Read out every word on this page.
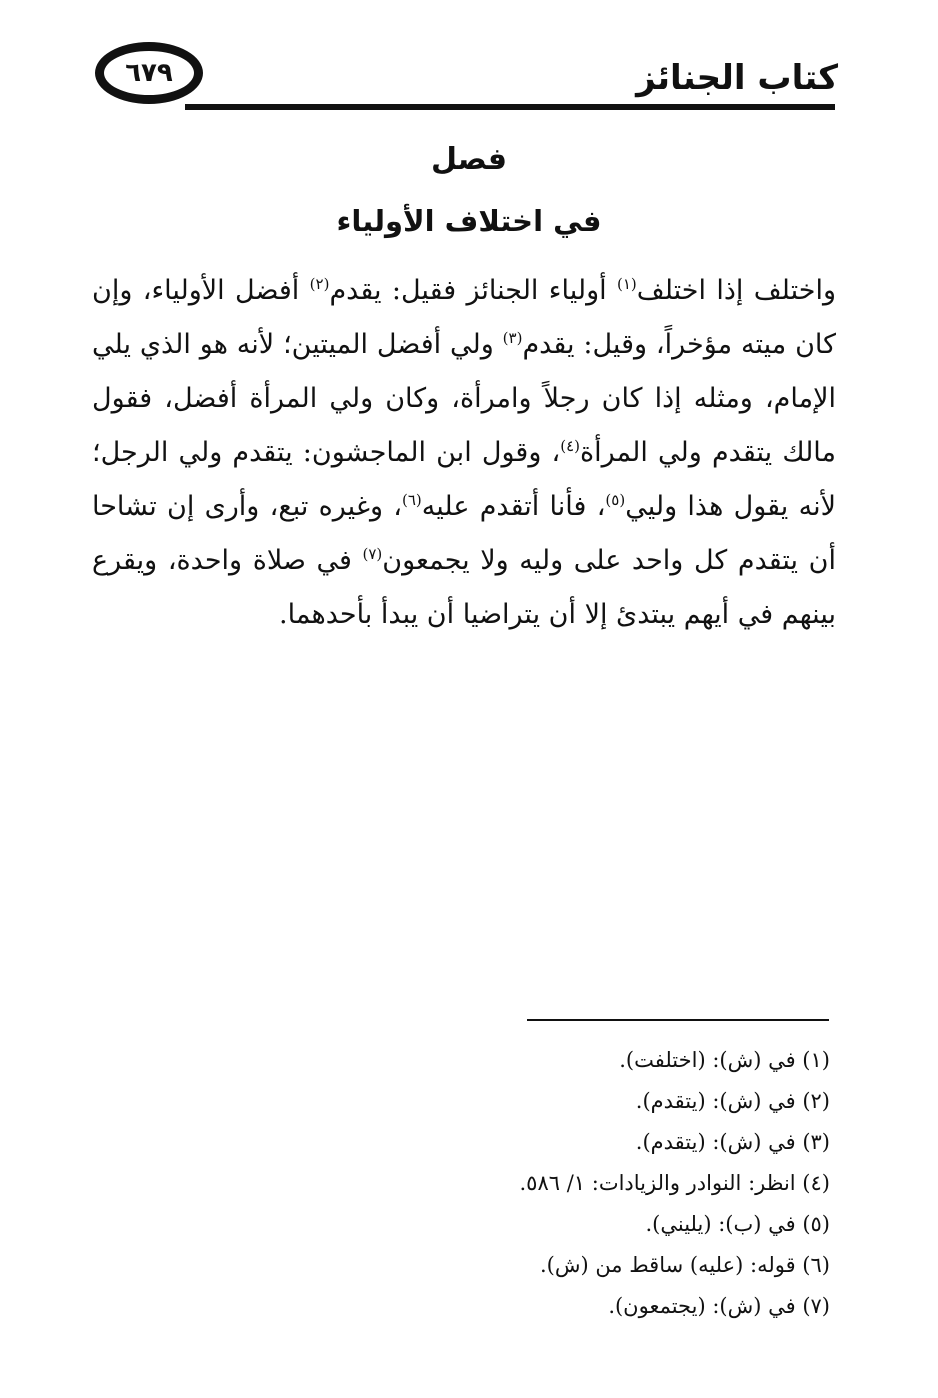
٦٧٩	كتاب الجنائز
فصل
في اختلاف الأولياء
واختلف إذا اختلف$^{(١)}$ أولياء الجنائز فقيل: يقدم$^{(٢)}$ أفضل الأولياء، وإن كان ميته مؤخراً، وقيل: يقدم$^{(٣)}$ ولي أفضل الميتين؛ لأنه هو الذي يلي الإمام، ومثله إذا كان رجلاً وامرأة، وكان ولي المرأة أفضل، فقول مالك يتقدم ولي المرأة$^{(٤)}$، وقول ابن الماجشون: يتقدم ولي الرجل؛ لأنه يقول هذا وليي$^{(٥)}$، فأنا أتقدم عليه$^{(٦)}$، وغيره تبع، وأرى إن تشاحا أن يتقدم كل واحد على وليه ولا يجمعون$^{(٧)}$ في صلاة واحدة، ويقرع بينهم في أيهم يبتدئ إلا أن يتراضيا أن يبدأ بأحدهما.
(١) في (ش): (اختلفت).
(٢) في (ش): (يتقدم).
(٣) في (ش): (يتقدم).
(٤) انظر: النوادر والزيادات: ١/ ٥٨٦.
(٥) في (ب): (يليني).
(٦) قوله: (عليه) ساقط من (ش).
(٧) في (ش): (يجتمعون).
